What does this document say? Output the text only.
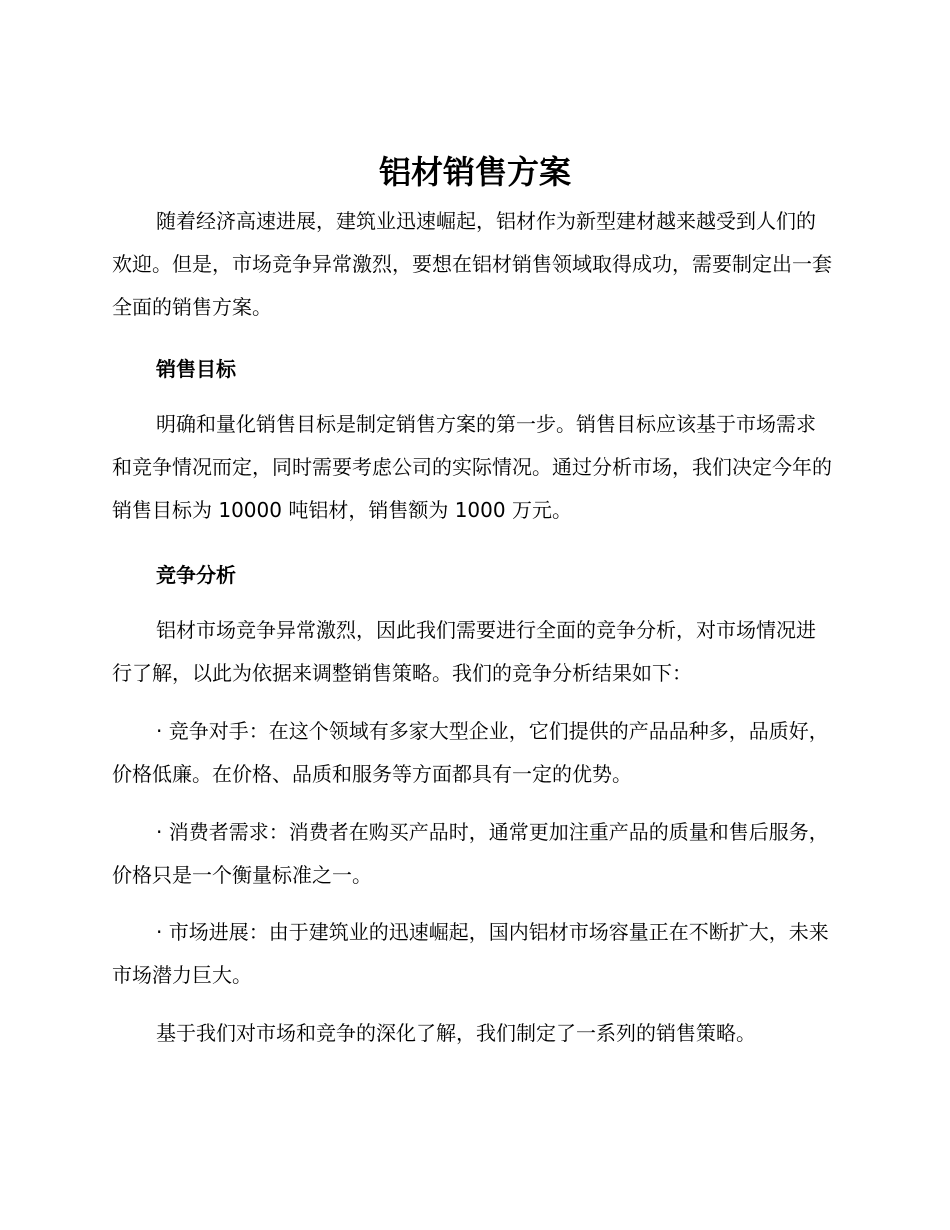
铝材销售方案

随着经济高速进展，建筑业迅速崛起，铝材作为新型建材越来越受到人们的欢迎。但是，市场竞争异常激烈，要想在铝材销售领域取得成功，需要制定出一套全面的销售方案。

销售目标

明确和量化销售目标是制定销售方案的第一步。销售目标应该基于市场需求和竞争情况而定，同时需要考虑公司的实际情况。通过分析市场，我们决定今年的销售目标为 10000 吨铝材，销售额为 1000 万元。

竞争分析

铝材市场竞争异常激烈，因此我们需要进行全面的竞争分析，对市场情况进行了解，以此为依据来调整销售策略。我们的竞争分析结果如下：

· 竞争对手：在这个领域有多家大型企业，它们提供的产品品种多，品质好，价格低廉。在价格、品质和服务等方面都具有一定的优势。

· 消费者需求：消费者在购买产品时，通常更加注重产品的质量和售后服务，价格只是一个衡量标准之一。

· 市场进展：由于建筑业的迅速崛起，国内铝材市场容量正在不断扩大，未来市场潜力巨大。

基于我们对市场和竞争的深化了解，我们制定了一系列的销售策略。
